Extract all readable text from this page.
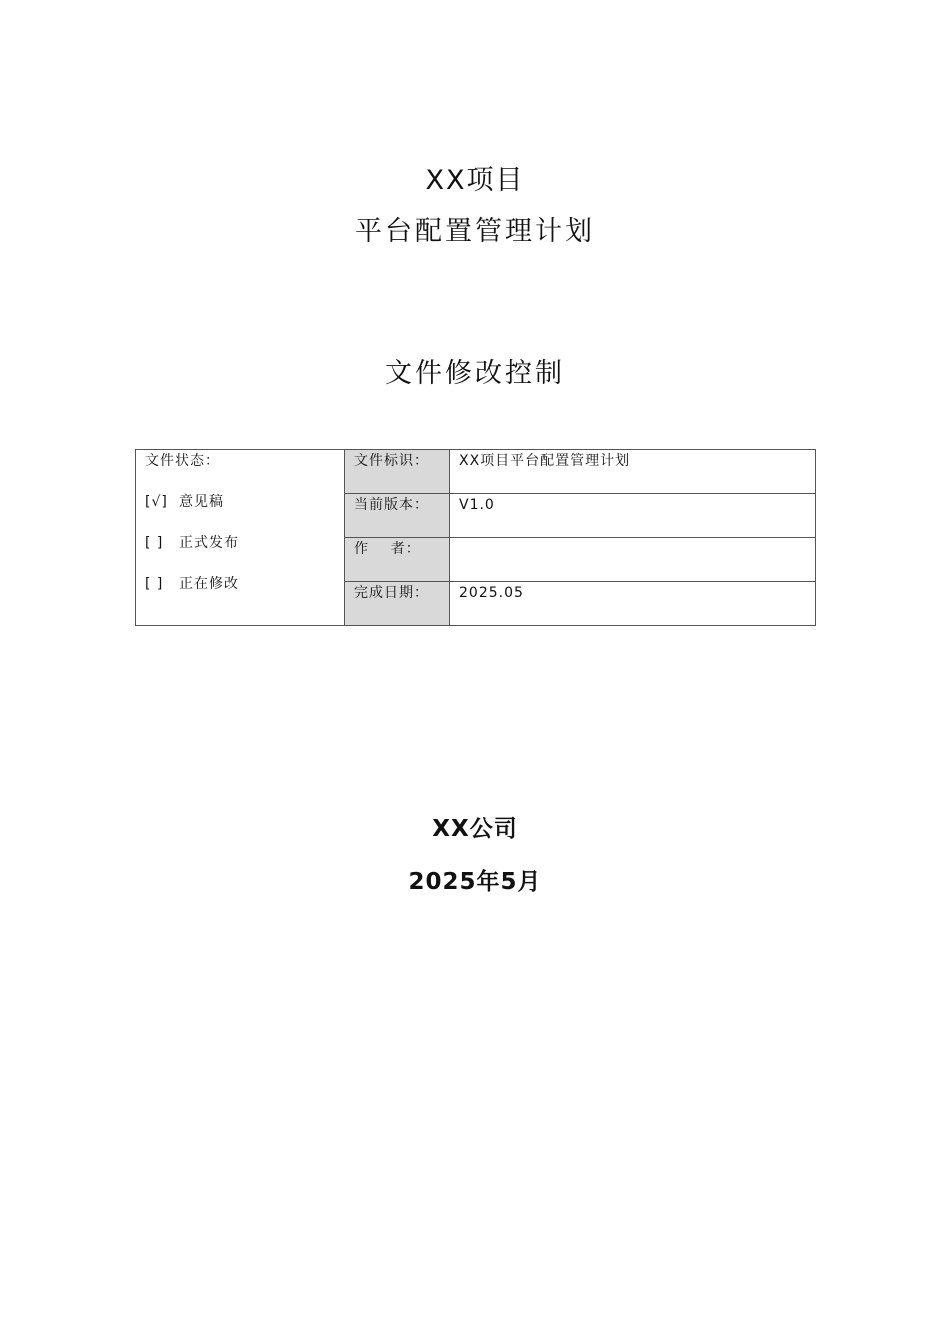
XX项目
平台配置管理计划
文件修改控制
文件状态：
[√] 意见稿
[ ] 正式发布
[ ] 正在修改	文件标识：	XX项目平台配置管理计划
	当前版本：	V1.0
	作    者：	
	完成日期：	2025.05
XX公司
2025年5月
